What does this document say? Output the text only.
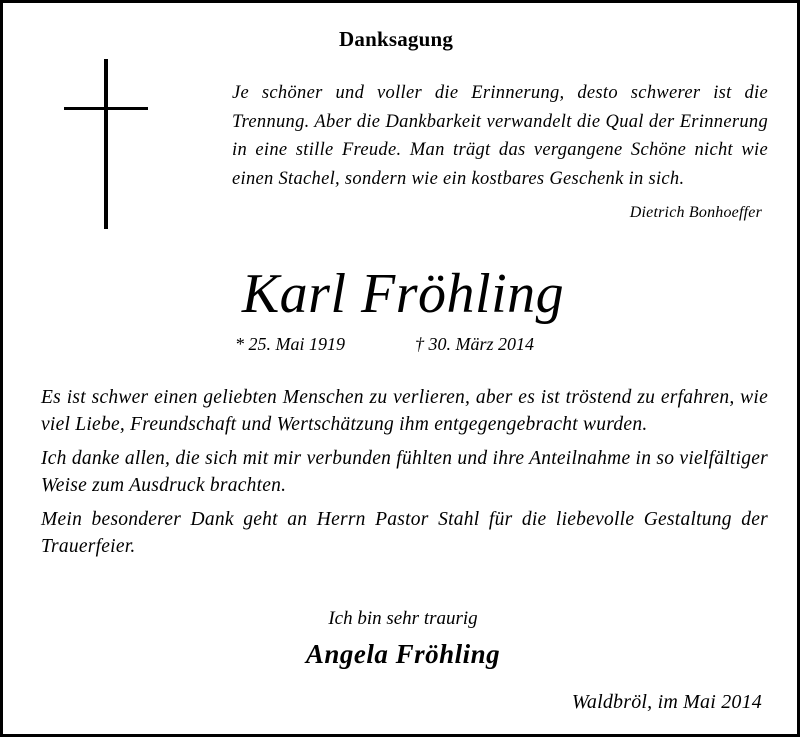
Danksagung
Je schöner und voller die Erinnerung, desto schwerer ist die Trennung. Aber die Dankbarkeit verwandelt die Qual der Erinnerung in eine stille Freude. Man trägt das vergangene Schöne nicht wie einen Stachel, sondern wie ein kostbares Geschenk in sich.
Dietrich Bonhoeffer
Karl Fröhling
* 25. Mai 1919	† 30. März 2014

Es ist schwer einen geliebten Menschen zu verlieren, aber es ist tröstend zu erfahren, wie viel Liebe, Freundschaft und Wertschätzung ihm entgegengebracht wurden.

Ich danke allen, die sich mit mir verbunden fühlten und ihre Anteilnahme in so vielfältiger Weise zum Ausdruck brachten.

Mein besonderer Dank geht an Herrn Pastor Stahl für die liebevolle Gestaltung der Trauerfeier.

Ich bin sehr traurig
Angela Fröhling
Waldbröl, im Mai 2014
